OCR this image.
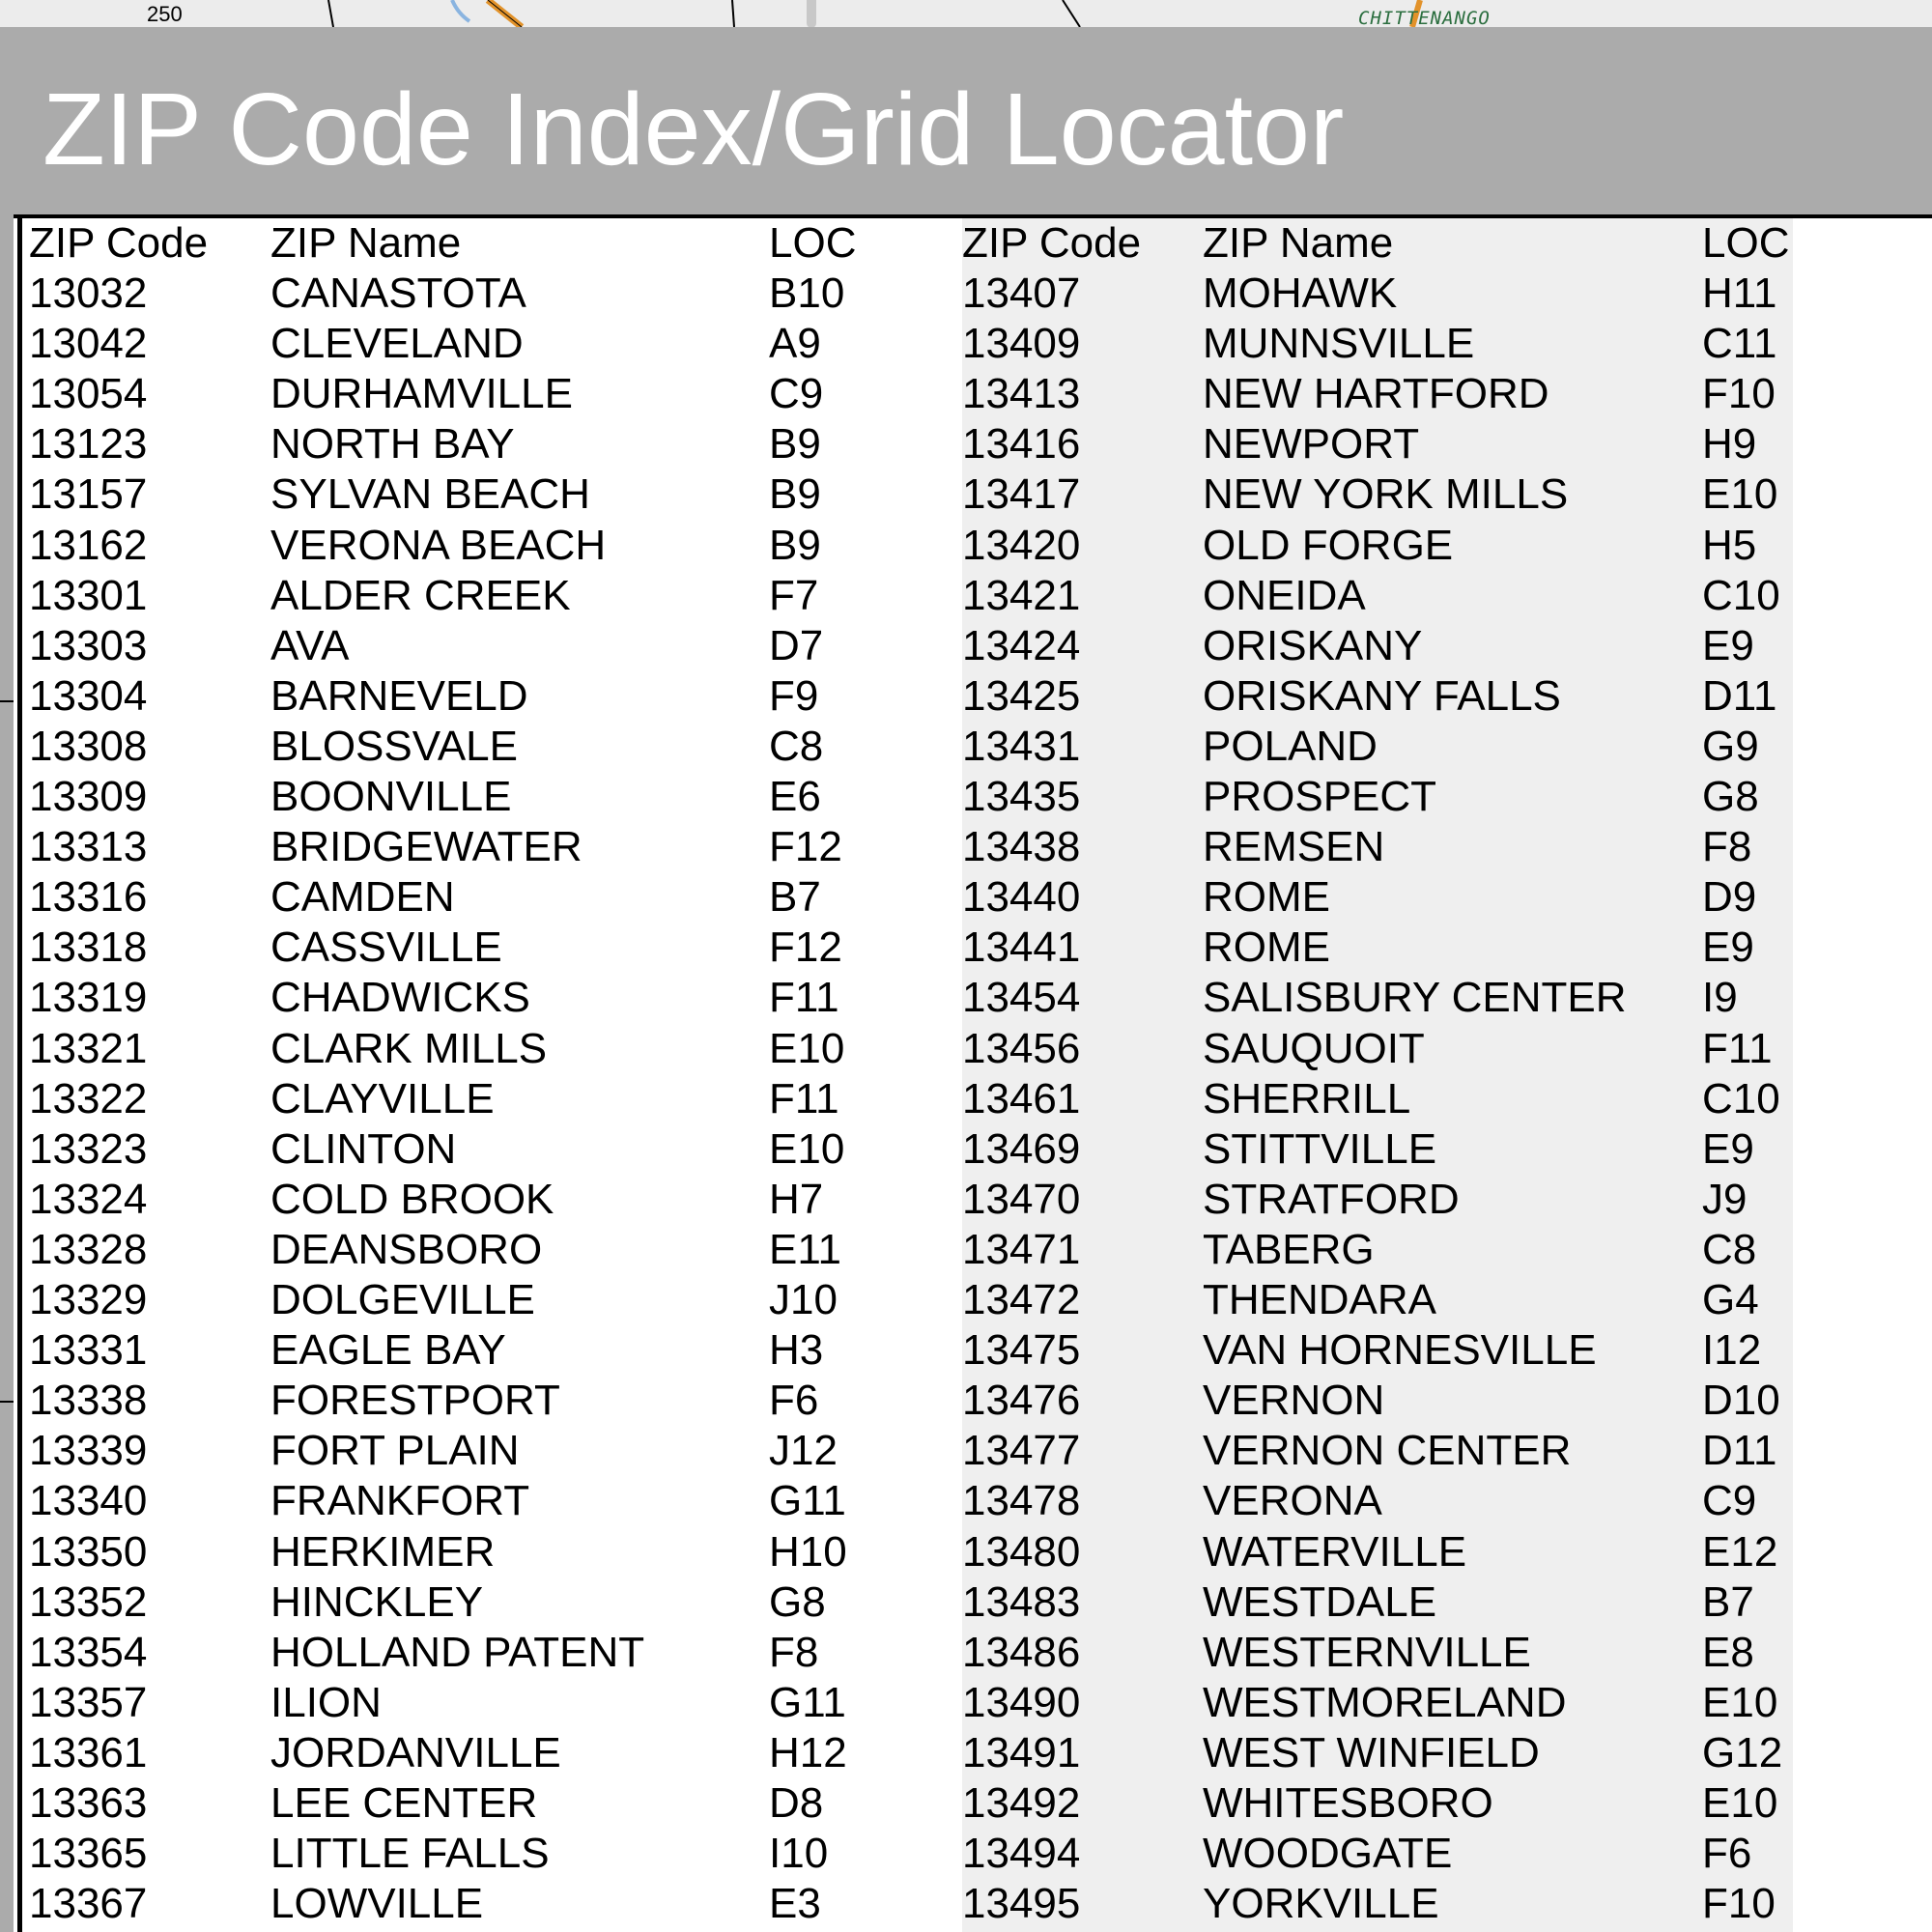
250	CHITTENANGO
ZIP Code Index/Grid Locator
ZIP Code ZIP Name	LOC ZIP Code ZIP Name	LOC
13032	CANASTOTA	B10
13042	CLEVELAND	A9
13054	DURHAMVILLE	C9
13123	NORTH BAY	B9
13157	SYLVAN BEACH	B9
13162	VERONA BEACH	B9
13301	ALDER CREEK	F7
13303	AVA	D7
13304	BARNEVELD	F9
13308	BLOSSVALE	C8
13309	BOONVILLE	E6
13313	BRIDGEWATER	F12
13316	CAMDEN	B7
13318	CASSVILLE	F12
13319	CHADWICKS	F11
13321	CLARK MILLS	E10
13322	CLAYVILLE	F11
13323	CLINTON	E10
13324	COLD BROOK	H7
13328	DEANSBORO	E11
13329	DOLGEVILLE	J10
13331	EAGLE BAY	H3
13338	FORESTPORT	F6
13339	FORT PLAIN	J12
13340	FRANKFORT	G11
13350	HERKIMER	H10
13352	HINCKLEY	G8
13354	HOLLAND PATENT	F8
13357	ILION	G11
13361	JORDANVILLE	H12
13363	LEE CENTER	D8
13365	LITTLE FALLS	I10
13367	LOWVILLE	E3
13407	MOHAWK	H11
13409	MUNNSVILLE	C11
13413	NEW HARTFORD	F10
13416	NEWPORT	H9
13417	NEW YORK MILLS	E10
13420	OLD FORGE	H5
13421	ONEIDA	C10
13424	ORISKANY	E9
13425	ORISKANY FALLS	D11
13431	POLAND	G9
13435	PROSPECT	G8
13438	REMSEN	F8
13440	ROME	D9
13441	ROME	E9
13454	SALISBURY CENTER I9
13456	SAUQUOIT	F11
13461	SHERRILL	C10
13469	STITTVILLE	E9
13470	STRATFORD	J9
13471	TABERG	C8
13472	THENDARA	G4
13475	VAN HORNESVILLE I12
13476	VERNON	D10
13477	VERNON CENTER	D11
13478	VERONA	C9
13480	WATERVILLE	E12
13483	WESTDALE	B7
13486	WESTERNVILLE	E8
13490	WESTMORELAND	E10
13491	WEST WINFIELD	G12
13492	WHITESBORO	E10
13494	WOODGATE	F6
13495	YORKVILLE	F10
